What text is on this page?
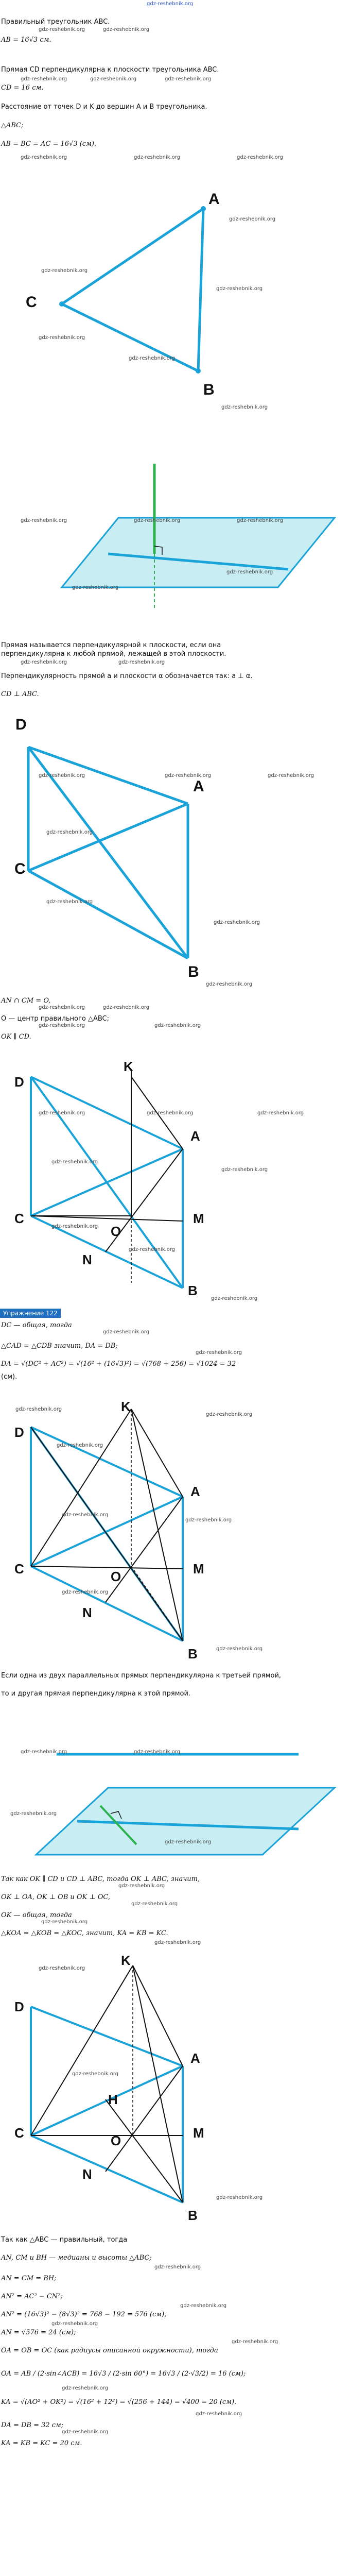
gdz-reshebnik.org
Правильный треугольник ABC.
AB = 16√3 см.
Прямая CD перпендикулярна к плоскости треугольника ABC.
CD = 16 см.
Расстояние от точек D и K до вершин A и B треугольника.
△ABC;
AB = BC = AC = 16√3 (см).
A
B
C
Прямая называется перпендикулярной к плоскости, если она
перпендикулярна к любой прямой, лежащей в этой плоскости.
Перпендикулярность прямой a и плоскости α обозначается так: a ⊥ α.
CD ⊥ ABC.
D
A
B
C
AN ∩ CM = O,
O — центр правильного △ABC;
OK ∥ CD.
D
K
A
M
C
O
N
B
Упражнение 122
DC — общая, тогда
△CAD = △CDB значит, DA = DB;
DA = √(DC² + AC²) = √(16² + (16√3)²) = √(768 + 256) = √1024 = 32
(см).
D
K
A
M
C	O
N
B
Если одна из двух параллельных прямых перпендикулярна к третьей прямой,
то и другая прямая перпендикулярна к этой прямой.
Так как OK ∥ CD и CD ⊥ ABC, тогда OK ⊥ ABC, значит,
OK ⊥ OA, OK ⊥ OB и OK ⊥ OC,
OK — общая, тогда
△KOA = △KOB = △KOC, значит, KA = KB = KC.
D
K
A
H
M
C	O
N
B
Так как △ABC — правильный, тогда
AN, CM и BH — медианы и высоты △ABC;
AN = CM = BH;
AN² = AC² − CN²;
AN² = (16√3)² − (8√3)² = 768 − 192 = 576 (см),
AN = √576 = 24 (см);
OA = OB = OC (как радиусы описанной окружности), тогда
OA = AB / (2·sin∠ACB) = 16√3 / (2·sin 60°) = 16√3 / (2·√3/2) = 16 (см);
KA = √(AO² + OK²) = √(16² + 12²) = √(256 + 144) = √400 = 20 (см).
DA = DB = 32 см;
KA = KB = KC = 20 см.
gdz-reshebnik.org	gdz-reshebnik.org
gdz-reshebnik.org	gdz-reshebnik.org	gdz-reshebnik.org
gdz-reshebnik.org	gdz-reshebnik.org	gdz-reshebnik.org
gdz-reshebnik.org
gdz-reshebnik.org
gdz-reshebnik.org
gdz-reshebnik.org
gdz-reshebnik.org
gdz-reshebnik.org
gdz-reshebnik.org	gdz-reshebnik.org	gdz-reshebnik.org
gdz-reshebnik.org
gdz-reshebnik.org
gdz-reshebnik.org	gdz-reshebnik.org
gdz-reshebnik.org	gdz-reshebnik.org	gdz-reshebnik.org
gdz-reshebnik.org
gdz-reshebnik.org
gdz-reshebnik.org
gdz-reshebnik.org
gdz-reshebnik.org	gdz-reshebnik.org
gdz-reshebnik.org	gdz-reshebnik.org
gdz-reshebnik.org	gdz-reshebnik.org	gdz-reshebnik.org
gdz-reshebnik.org
gdz-reshebnik.org
gdz-reshebnik.org
gdz-reshebnik.org
gdz-reshebnik.org
gdz-reshebnik.org
gdz-reshebnik.org
gdz-reshebnik.org
gdz-reshebnik.org
gdz-reshebnik.org
gdz-reshebnik.org
gdz-reshebnik.org
gdz-reshebnik.org
gdz-reshebnik.org
gdz-reshebnik.org	gdz-reshebnik.org
gdz-reshebnik.org
gdz-reshebnik.org
gdz-reshebnik.org
gdz-reshebnik.org
gdz-reshebnik.org
gdz-reshebnik.org
gdz-reshebnik.org
gdz-reshebnik.org
gdz-reshebnik.org
gdz-reshebnik.org
gdz-reshebnik.org
gdz-reshebnik.org
gdz-reshebnik.org
gdz-reshebnik.org
gdz-reshebnik.org
gdz-reshebnik.org
